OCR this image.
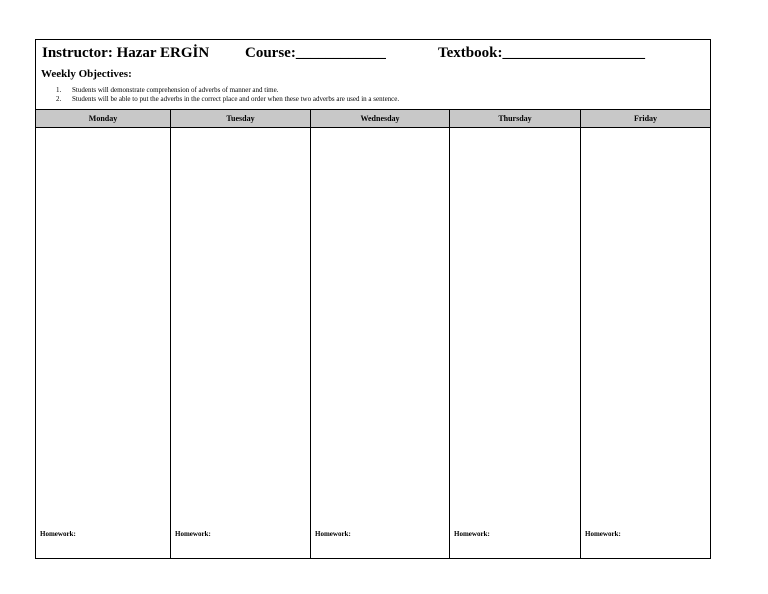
Instructor: Hazar ERGİN Course:____________	Textbook:___________________
Weekly Objectives:
1. Students will demonstrate comprehension of adverbs of manner and time.
2. Students will be able to put the adverbs in the correct place and order when these two adverbs are used in a sentence.
Monday
Homework:
Tuesday
Homework:
Wednesday
Homework:
Thursday
Homework:
Friday
Homework:
